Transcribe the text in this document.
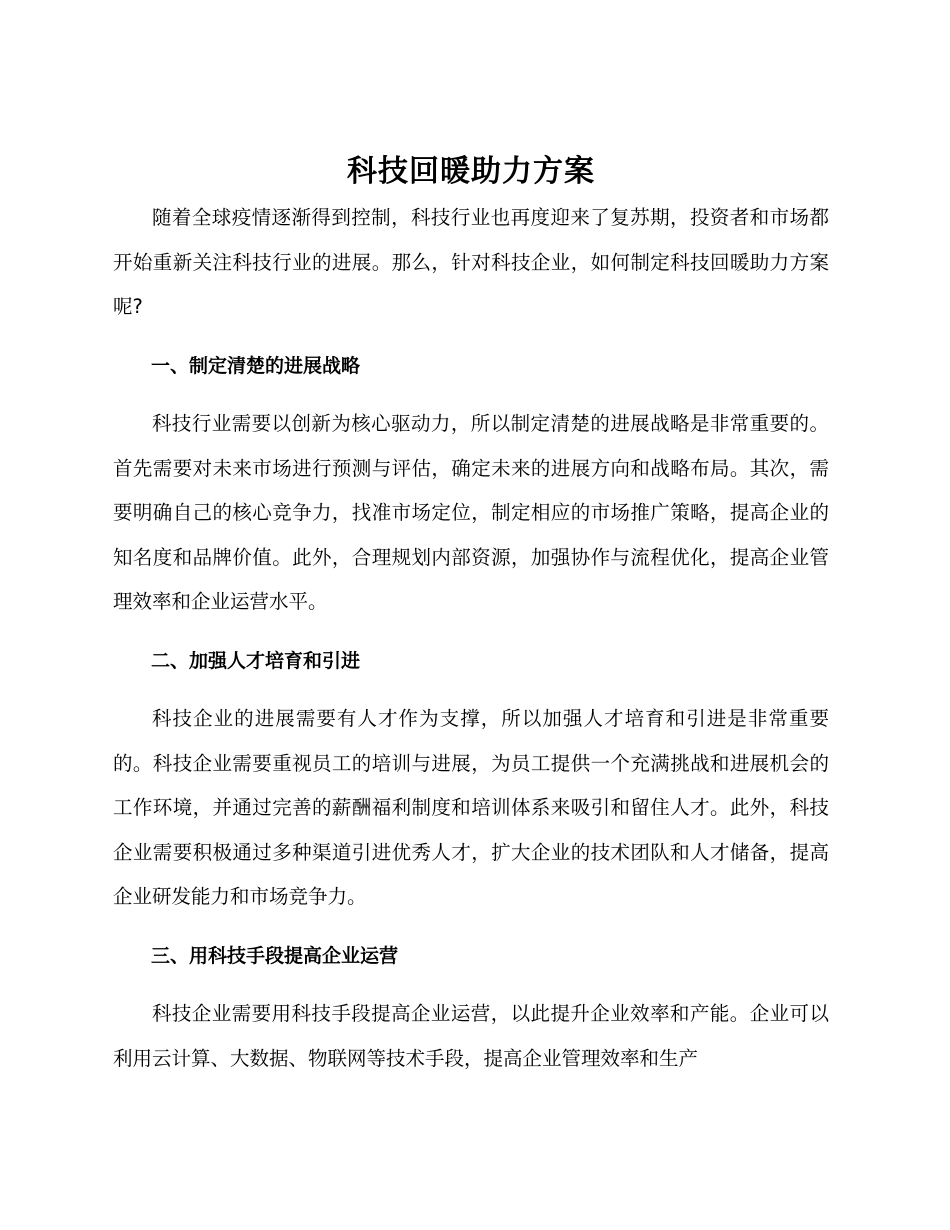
科技回暖助力方案

随着全球疫情逐渐得到控制，科技行业也再度迎来了复苏期，投资者和市场都开始重新关注科技行业的进展。那么，针对科技企业，如何制定科技回暖助力方案呢?

一、制定清楚的进展战略

科技行业需要以创新为核心驱动力，所以制定清楚的进展战略是非常重要的。首先需要对未来市场进行预测与评估，确定未来的进展方向和战略布局。其次，需要明确自己的核心竞争力，找准市场定位，制定相应的市场推广策略，提高企业的知名度和品牌价值。此外，合理规划内部资源，加强协作与流程优化，提高企业管理效率和企业运营水平。

二、加强人才培育和引进

科技企业的进展需要有人才作为支撑，所以加强人才培育和引进是非常重要的。科技企业需要重视员工的培训与进展，为员工提供一个充满挑战和进展机会的工作环境，并通过完善的薪酬福利制度和培训体系来吸引和留住人才。此外，科技企业需要积极通过多种渠道引进优秀人才，扩大企业的技术团队和人才储备，提高企业研发能力和市场竞争力。

三、用科技手段提高企业运营

科技企业需要用科技手段提高企业运营，以此提升企业效率和产能。企业可以利用云计算、大数据、物联网等技术手段，提高企业管理效率和生产
